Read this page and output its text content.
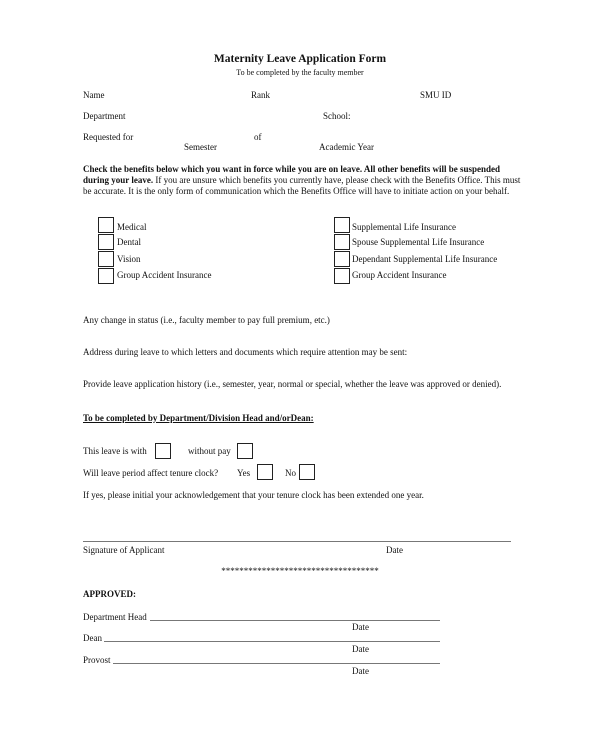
Maternity Leave Application Form
To be completed by the faculty member
Name	Rank	SMU ID
Department	School:
Requested for	of
Semester	Academic Year
Check the benefits below which you want in force while you are on leave. All other benefits will be suspended during your leave. If you are unsure which benefits you currently have, please check with the Benefits Office. This must be accurate. It is the only form of communication which the Benefits Office will have to initiate action on your behalf.
Medical
Dental
Vision
Group Accident Insurance
Supplemental Life Insurance
Spouse Supplemental Life Insurance
Dependant Supplemental Life Insurance
Group Accident Insurance
Any change in status (i.e., faculty member to pay full premium, etc.)
Address during leave to which letters and documents which require attention may be sent:
Provide leave application history (i.e., semester, year, normal or special, whether the leave was approved or denied).
To be completed by Department/Division Head and/orDean:
This leave is with	without pay
Will leave period affect tenure clock? Yes	No
If yes, please initial your acknowledgement that your tenure clock has been extended one year.
Signature of Applicant	Date
***********************************
APPROVED:
Department Head
Date
Dean
Date
Provost
Date
